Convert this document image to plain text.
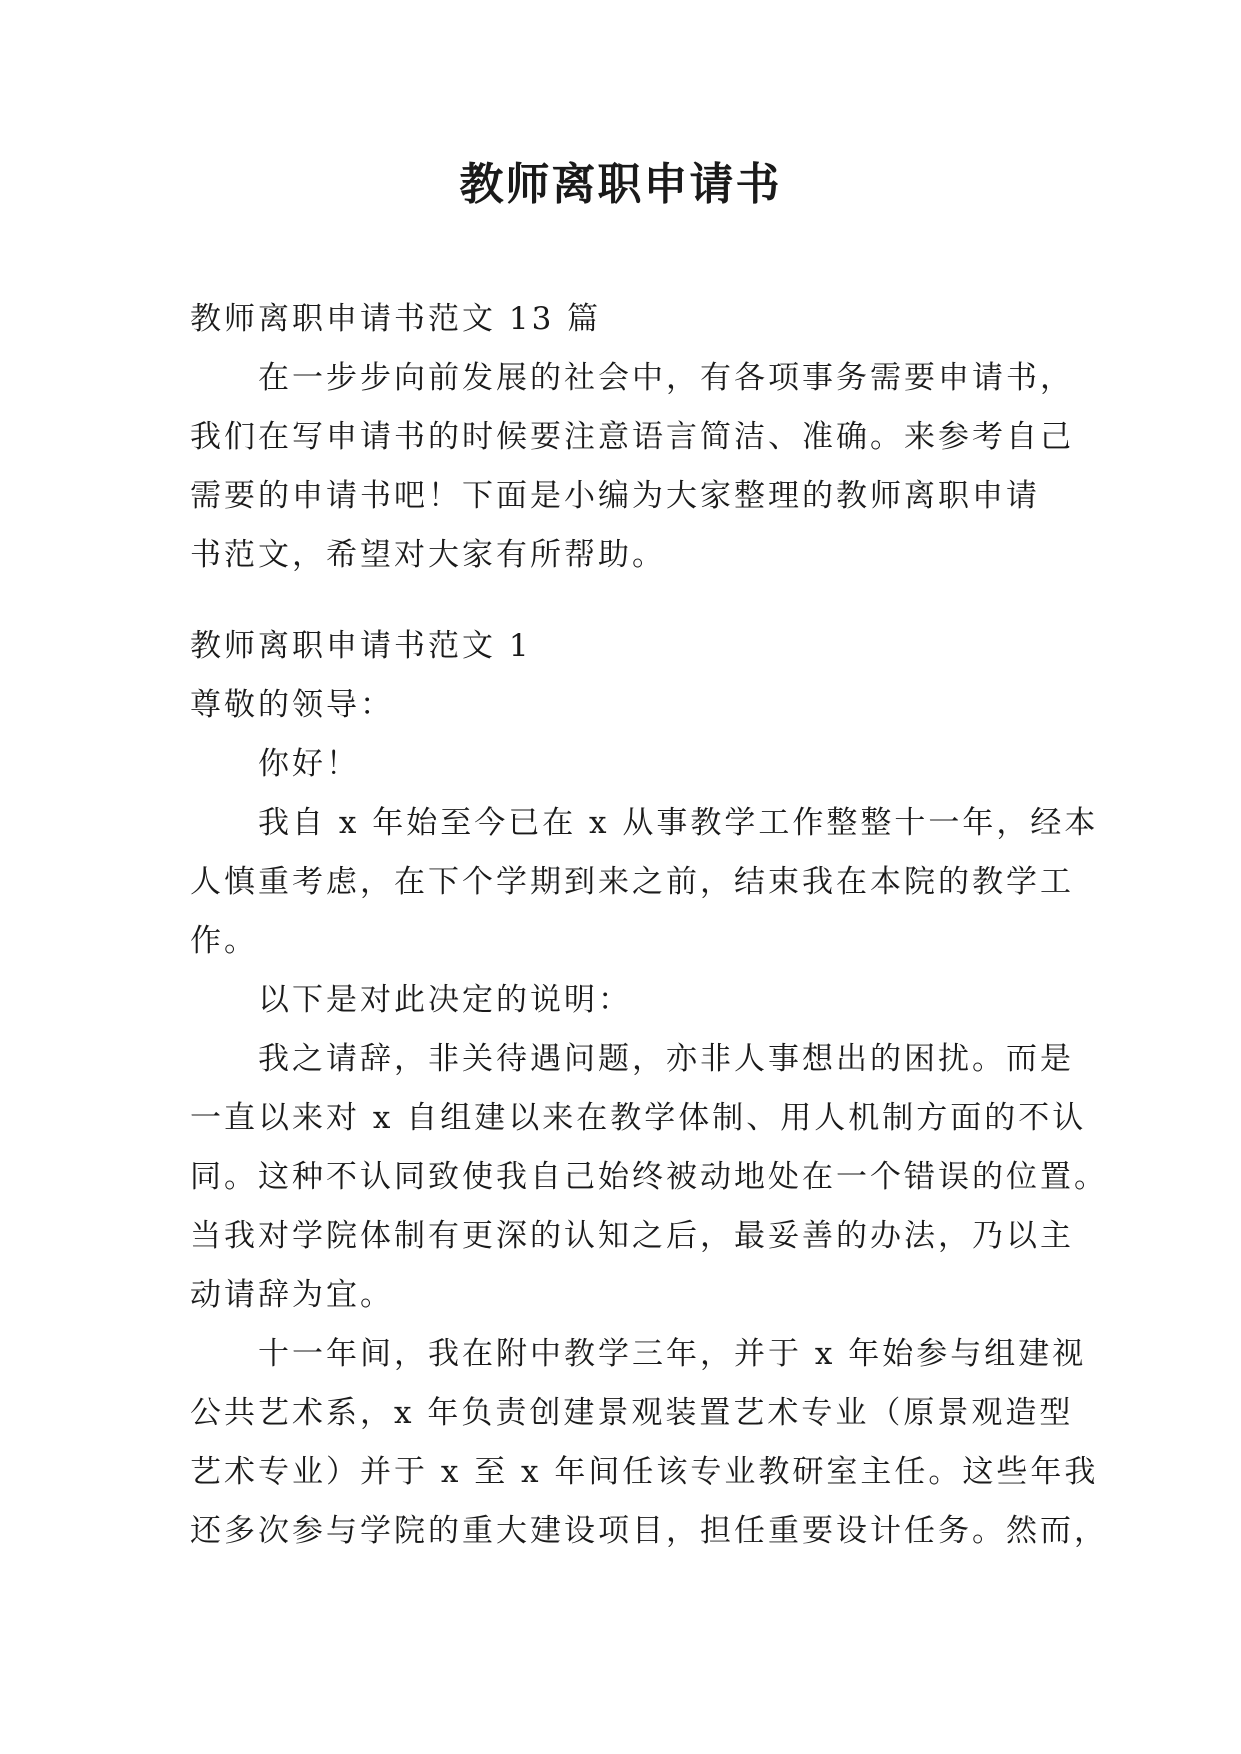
教师离职申请书

教师离职申请书范文 13 篇

在一步步向前发展的社会中，有各项事务需要申请书，

我们在写申请书的时候要注意语言简洁、准确。来参考自己

需要的申请书吧！下面是小编为大家整理的教师离职申请

书范文，希望对大家有所帮助。

教师离职申请书范文 1

尊敬的领导：

你好！

我自 x 年始至今已在 x 从事教学工作整整十一年，经本

人慎重考虑，在下个学期到来之前，结束我在本院的教学工

作。

以下是对此决定的说明：

我之请辞，非关待遇问题，亦非人事想出的困扰。而是

一直以来对 x 自组建以来在教学体制、用人机制方面的不认

同。这种不认同致使我自己始终被动地处在一个错误的位置。

当我对学院体制有更深的认知之后，最妥善的办法，乃以主

动请辞为宜。

十一年间，我在附中教学三年，并于 x 年始参与组建视

公共艺术系，x 年负责创建景观装置艺术专业（原景观造型

艺术专业）并于 x 至 x 年间任该专业教研室主任。这些年我

还多次参与学院的重大建设项目，担任重要设计任务。然而，
